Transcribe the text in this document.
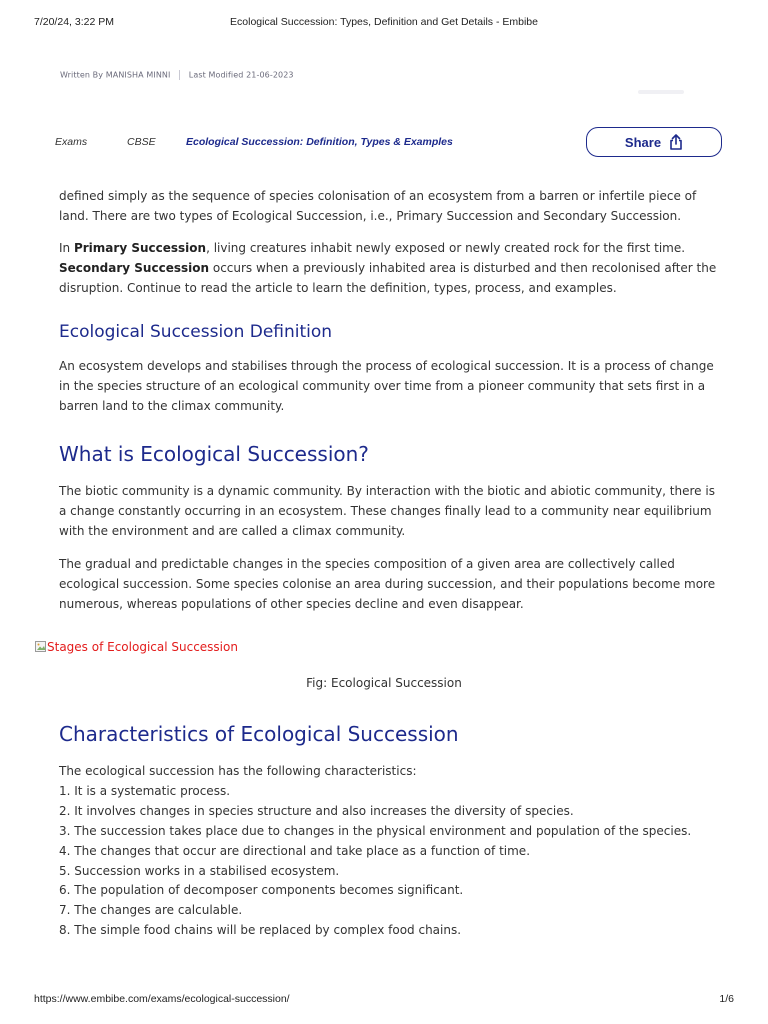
7/20/24, 3:22 PM	Ecological Succession: Types, Definition and Get Details - Embibe
Written By MANISHA MINNI Last Modified 21-06-2023
Exams	CBSE	Ecological Succession: Definition, Types & Examples	Share

defined simply as the sequence of species colonisation of an ecosystem from a barren or infertile piece of land. There are two types of Ecological Succession, i.e., Primary Succession and Secondary Succession.

In Primary Succession, living creatures inhabit newly exposed or newly created rock for the first time. Secondary Succession occurs when a previously inhabited area is disturbed and then recolonised after the disruption. Continue to read the article to learn the definition, types, process, and examples.

Ecological Succession Definition

An ecosystem develops and stabilises through the process of ecological succession. It is a process of change in the species structure of an ecological community over time from a pioneer community that sets first in a barren land to the climax community.

What is Ecological Succession?

The biotic community is a dynamic community. By interaction with the biotic and abiotic community, there is a change constantly occurring in an ecosystem. These changes finally lead to a community near equilibrium with the environment and are called a climax community.

The gradual and predictable changes in the species composition of a given area are collectively called ecological succession. Some species colonise an area during succession, and their populations become more numerous, whereas populations of other species decline and even disappear.

Characteristics of Ecological Succession
The ecological succession has the following characteristics:
1. It is a systematic process.
2. It involves changes in species structure and also increases the diversity of species.
3. The succession takes place due to changes in the physical environment and population of the species.
4. The changes that occur are directional and take place as a function of time.
5. Succession works in a stabilised ecosystem.
6. The population of decomposer components becomes significant.
7. The changes are calculable.
8. The simple food chains will be replaced by complex food chains.
Stages of Ecological Succession
Fig: Ecological Succession
https://www.embibe.com/exams/ecological-succession/	1/6
